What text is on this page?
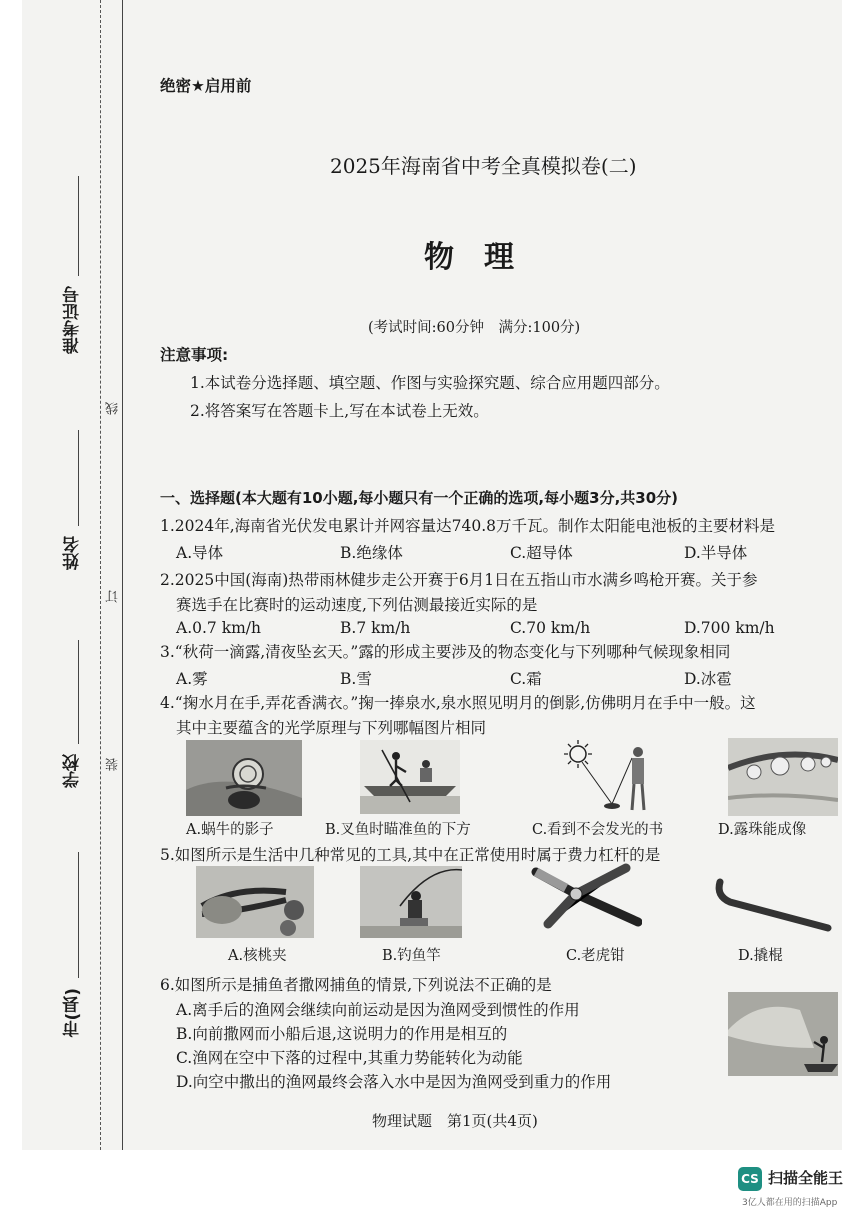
准考证号
姓名
学校
市(县)
线
订
装
绝密★启用前
2025年海南省中考全真模拟卷(二)
物　理
(考试时间:60分钟　满分:100分)
注意事项:
1.本试卷分选择题、填空题、作图与实验探究题、综合应用题四部分。
2.将答案写在答题卡上,写在本试卷上无效。
一、选择题(本大题有10小题,每小题只有一个正确的选项,每小题3分,共30分)
1.2024年,海南省光伏发电累计并网容量达740.8万千瓦。制作太阳能电池板的主要材料是
A.导体	B.绝缘体	C.超导体	D.半导体
2.2025中国(海南)热带雨林健步走公开赛于6月1日在五指山市水满乡鸣枪开赛。关于参
赛选手在比赛时的运动速度,下列估测最接近实际的是
A.0.7 km/h	B.7 km/h	C.70 km/h	D.700 km/h
3.“秋荷一滴露,清夜坠玄天。”露的形成主要涉及的物态变化与下列哪种气候现象相同
A.雾	B.雪	C.霜	D.冰雹
4.“掬水月在手,弄花香满衣。”掬一捧泉水,泉水照见明月的倒影,仿佛明月在手中一般。这
其中主要蕴含的光学原理与下列哪幅图片相同
A.蜗牛的影子	B.叉鱼时瞄准鱼的下方	C.看到不会发光的书	D.露珠能成像
5.如图所示是生活中几种常见的工具,其中在正常使用时属于费力杠杆的是
A.核桃夹	B.钓鱼竿	C.老虎钳	D.撬棍
6.如图所示是捕鱼者撒网捕鱼的情景,下列说法不正确的是
A.离手后的渔网会继续向前运动是因为渔网受到惯性的作用
B.向前撒网而小船后退,这说明力的作用是相互的
C.渔网在空中下落的过程中,其重力势能转化为动能
D.向空中撒出的渔网最终会落入水中是因为渔网受到重力的作用
物理试题　第1页(共4页)
CS 扫描全能王
3亿人都在用的扫描App
